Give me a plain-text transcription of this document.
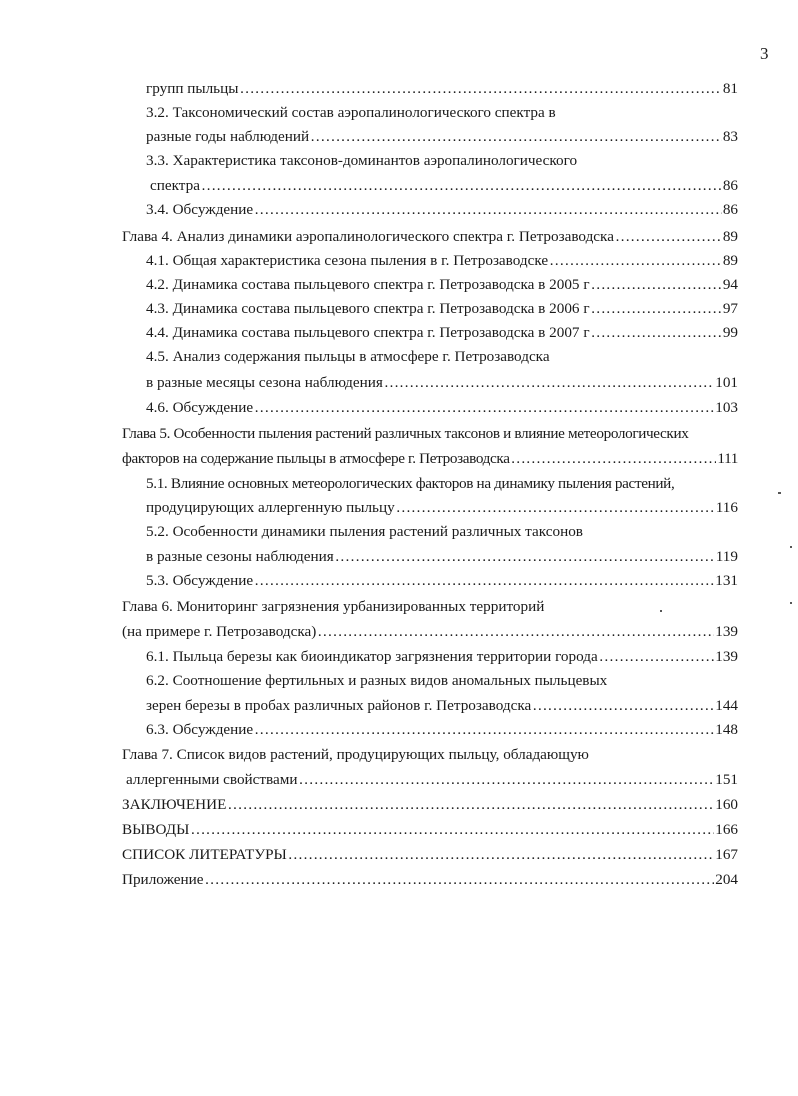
3
групп пыльцы ……………………………………………………………………………………………………………………………………………………………………………………………………………………	81
3.2. Таксономический состав аэропалинологического спектра в
разные годы наблюдений ……………………………………………………………………………………………………………………………………………………………………………………………………………………	83
3.3. Характеристика таксонов-доминантов аэропалинологического
спектра ……………………………………………………………………………………………………………………………………………………………………………………………………………………	86
3.4. Обсуждение ……………………………………………………………………………………………………………………………………………………………………………………………………………………	86
Глава 4. Анализ динамики аэропалинологического спектра г. Петрозаводска ……………………………………………………………………………………………………………………………………………………………………………………………………………………	89
4.1. Общая характеристика сезона пыления в г. Петрозаводске ……………………………………………………………………………………………………………………………………………………………………………………………………………………	89
4.2. Динамика состава пыльцевого спектра г. Петрозаводска в 2005 г ……………………………………………………………………………………………………………………………………………………………………………………………………………………	94
4.3. Динамика состава пыльцевого спектра г. Петрозаводска в 2006 г ……………………………………………………………………………………………………………………………………………………………………………………………………………………	97
4.4. Динамика состава пыльцевого спектра г. Петрозаводска в 2007 г ……………………………………………………………………………………………………………………………………………………………………………………………………………………	99
4.5. Анализ содержания пыльцы в атмосфере г. Петрозаводска
в разные месяцы сезона наблюдения ……………………………………………………………………………………………………………………………………………………………………………………………………………………	101
4.6. Обсуждение ……………………………………………………………………………………………………………………………………………………………………………………………………………………	103
Глава 5. Особенности пыления растений различных таксонов и влияние метеорологических
факторов на содержание пыльцы в атмосфере г. Петрозаводска ……………………………………………………………………………………………………………………………………………………………………………………………………………………	111
5.1. Влияние основных метеорологических факторов на динамику пыления растений,
продуцирующих аллергенную пыльцу ……………………………………………………………………………………………………………………………………………………………………………………………………………………	116
5.2. Особенности динамики пыления растений различных таксонов
в разные сезоны наблюдения ……………………………………………………………………………………………………………………………………………………………………………………………………………………	119
5.3. Обсуждение ……………………………………………………………………………………………………………………………………………………………………………………………………………………	131
Глава 6. Мониторинг загрязнения урбанизированных территорий
(на примере г. Петрозаводска) ……………………………………………………………………………………………………………………………………………………………………………………………………………………	139
6.1. Пыльца березы как биоиндикатор загрязнения территории города ……………………………………………………………………………………………………………………………………………………………………………………………………………………	139
6.2. Соотношение фертильных и разных видов аномальных пыльцевых
зерен березы в пробах различных районов г. Петрозаводска ……………………………………………………………………………………………………………………………………………………………………………………………………………………	144
6.3. Обсуждение ……………………………………………………………………………………………………………………………………………………………………………………………………………………	148
Глава 7. Список видов растений, продуцирующих пыльцу, обладающую
аллергенными свойствами ……………………………………………………………………………………………………………………………………………………………………………………………………………………	151
ЗАКЛЮЧЕНИЕ ……………………………………………………………………………………………………………………………………………………………………………………………………………………	160
ВЫВОДЫ ……………………………………………………………………………………………………………………………………………………………………………………………………………………	166
СПИСОК ЛИТЕРАТУРЫ ……………………………………………………………………………………………………………………………………………………………………………………………………………………	167
Приложение ……………………………………………………………………………………………………………………………………………………………………………………………………………………	204
